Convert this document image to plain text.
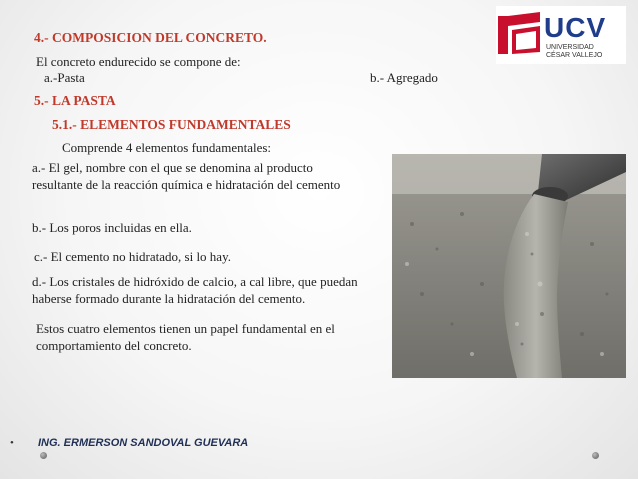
4.- COMPOSICION DEL CONCRETO.
El concreto endurecido se compone de:
a.-Pasta	b.- Agregado
5.- LA PASTA
5.1.- ELEMENTOS FUNDAMENTALES
Comprende 4 elementos fundamentales:
a.- El gel, nombre con el que se denomina al producto resultante de la reacción química e hidratación del cemento
b.- Los poros incluidas en ella.
c.- El cemento no hidratado, si lo hay.
d.- Los cristales de hidróxido de calcio, a cal libre, que puedan haberse formado durante la hidratación del cemento.
Estos cuatro elementos tienen un papel fundamental en el comportamiento del concreto.
UCV
UNIVERSIDAD
CÉSAR VALLEJO
• ING. ERMERSON SANDOVAL GUEVARA
